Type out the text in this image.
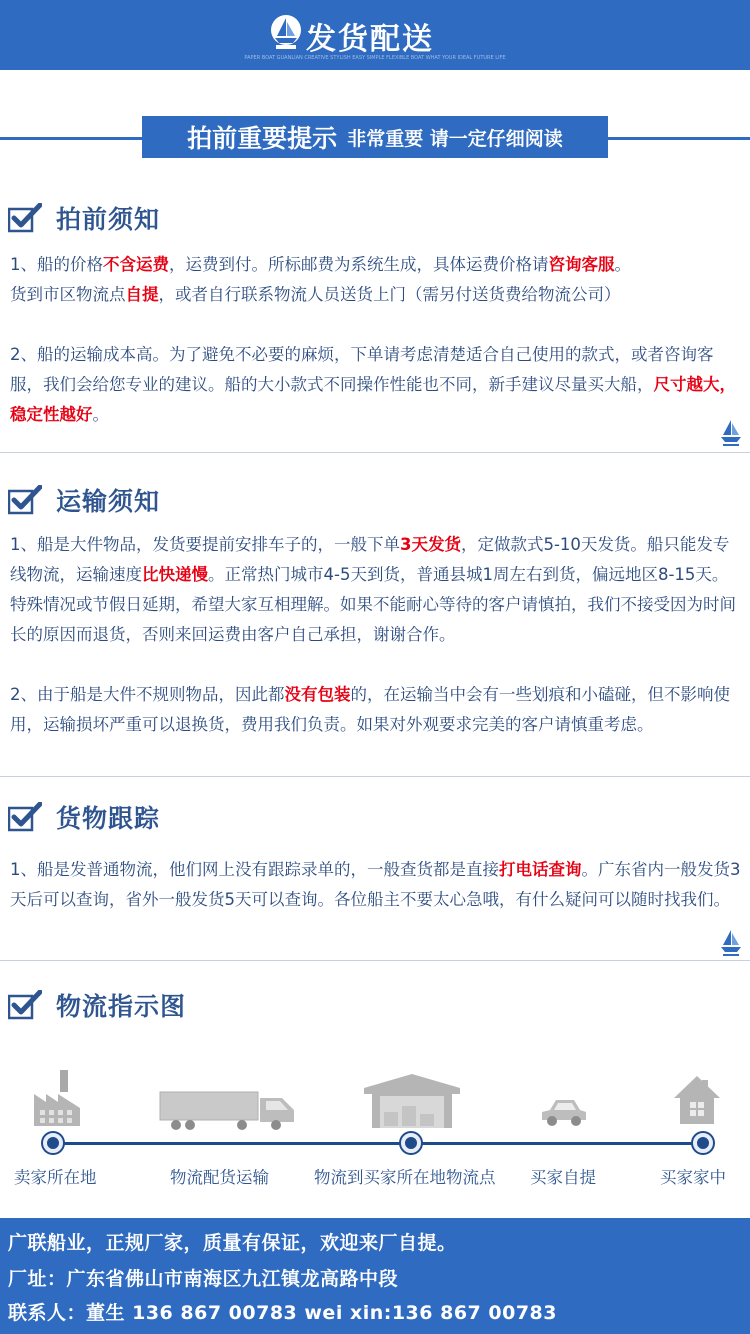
发货配送
PAPER BOAT GUANLIAN CREATIVE STYLISH EASY SIMPLE FLEXIBLE BOAT WHAT YOUR IDEAL FUTURE LIFE
拍前重要提示 非常重要 请一定仔细阅读
拍前须知
1、船的价格不含运费，运费到付。所标邮费为系统生成，具体运费价格请咨询客服。
货到市区物流点自提，或者自行联系物流人员送货上门（需另付送货费给物流公司）
2、船的运输成本高。为了避免不必要的麻烦，下单请考虑清楚适合自己使用的款式，或者咨询客服，我们会给您专业的建议。船的大小款式不同操作性能也不同，新手建议尽量买大船，尺寸越大，稳定性越好。
运输须知
1、船是大件物品，发货要提前安排车子的，一般下单3天发货，定做款式5-10天发货。船只能发专线物流，运输速度比快递慢。正常热门城市4-5天到货，普通县城1周左右到货，偏远地区8-15天。特殊情况或节假日延期，希望大家互相理解。如果不能耐心等待的客户请慎拍，我们不接受因为时间长的原因而退货，否则来回运费由客户自己承担，谢谢合作。
2、由于船是大件不规则物品，因此都没有包装的，在运输当中会有一些划痕和小磕碰，但不影响使用，运输损坏严重可以退换货，费用我们负责。如果对外观要求完美的客户请慎重考虑。
货物跟踪
1、船是发普通物流，他们网上没有跟踪录单的，一般查货都是直接打电话查询。广东省内一般发货3天后可以查询，省外一般发货5天可以查询。各位船主不要太心急哦，有什么疑问可以随时找我们。
物流指示图
卖家所在地	物流配货运输	物流到买家所在地物流点 买家自提	买家家中
广联船业，正规厂家，质量有保证，欢迎来厂自提。
厂址：广东省佛山市南海区九江镇龙高路中段
联系人：董生 136 867 00783 wei xin:136 867 00783
